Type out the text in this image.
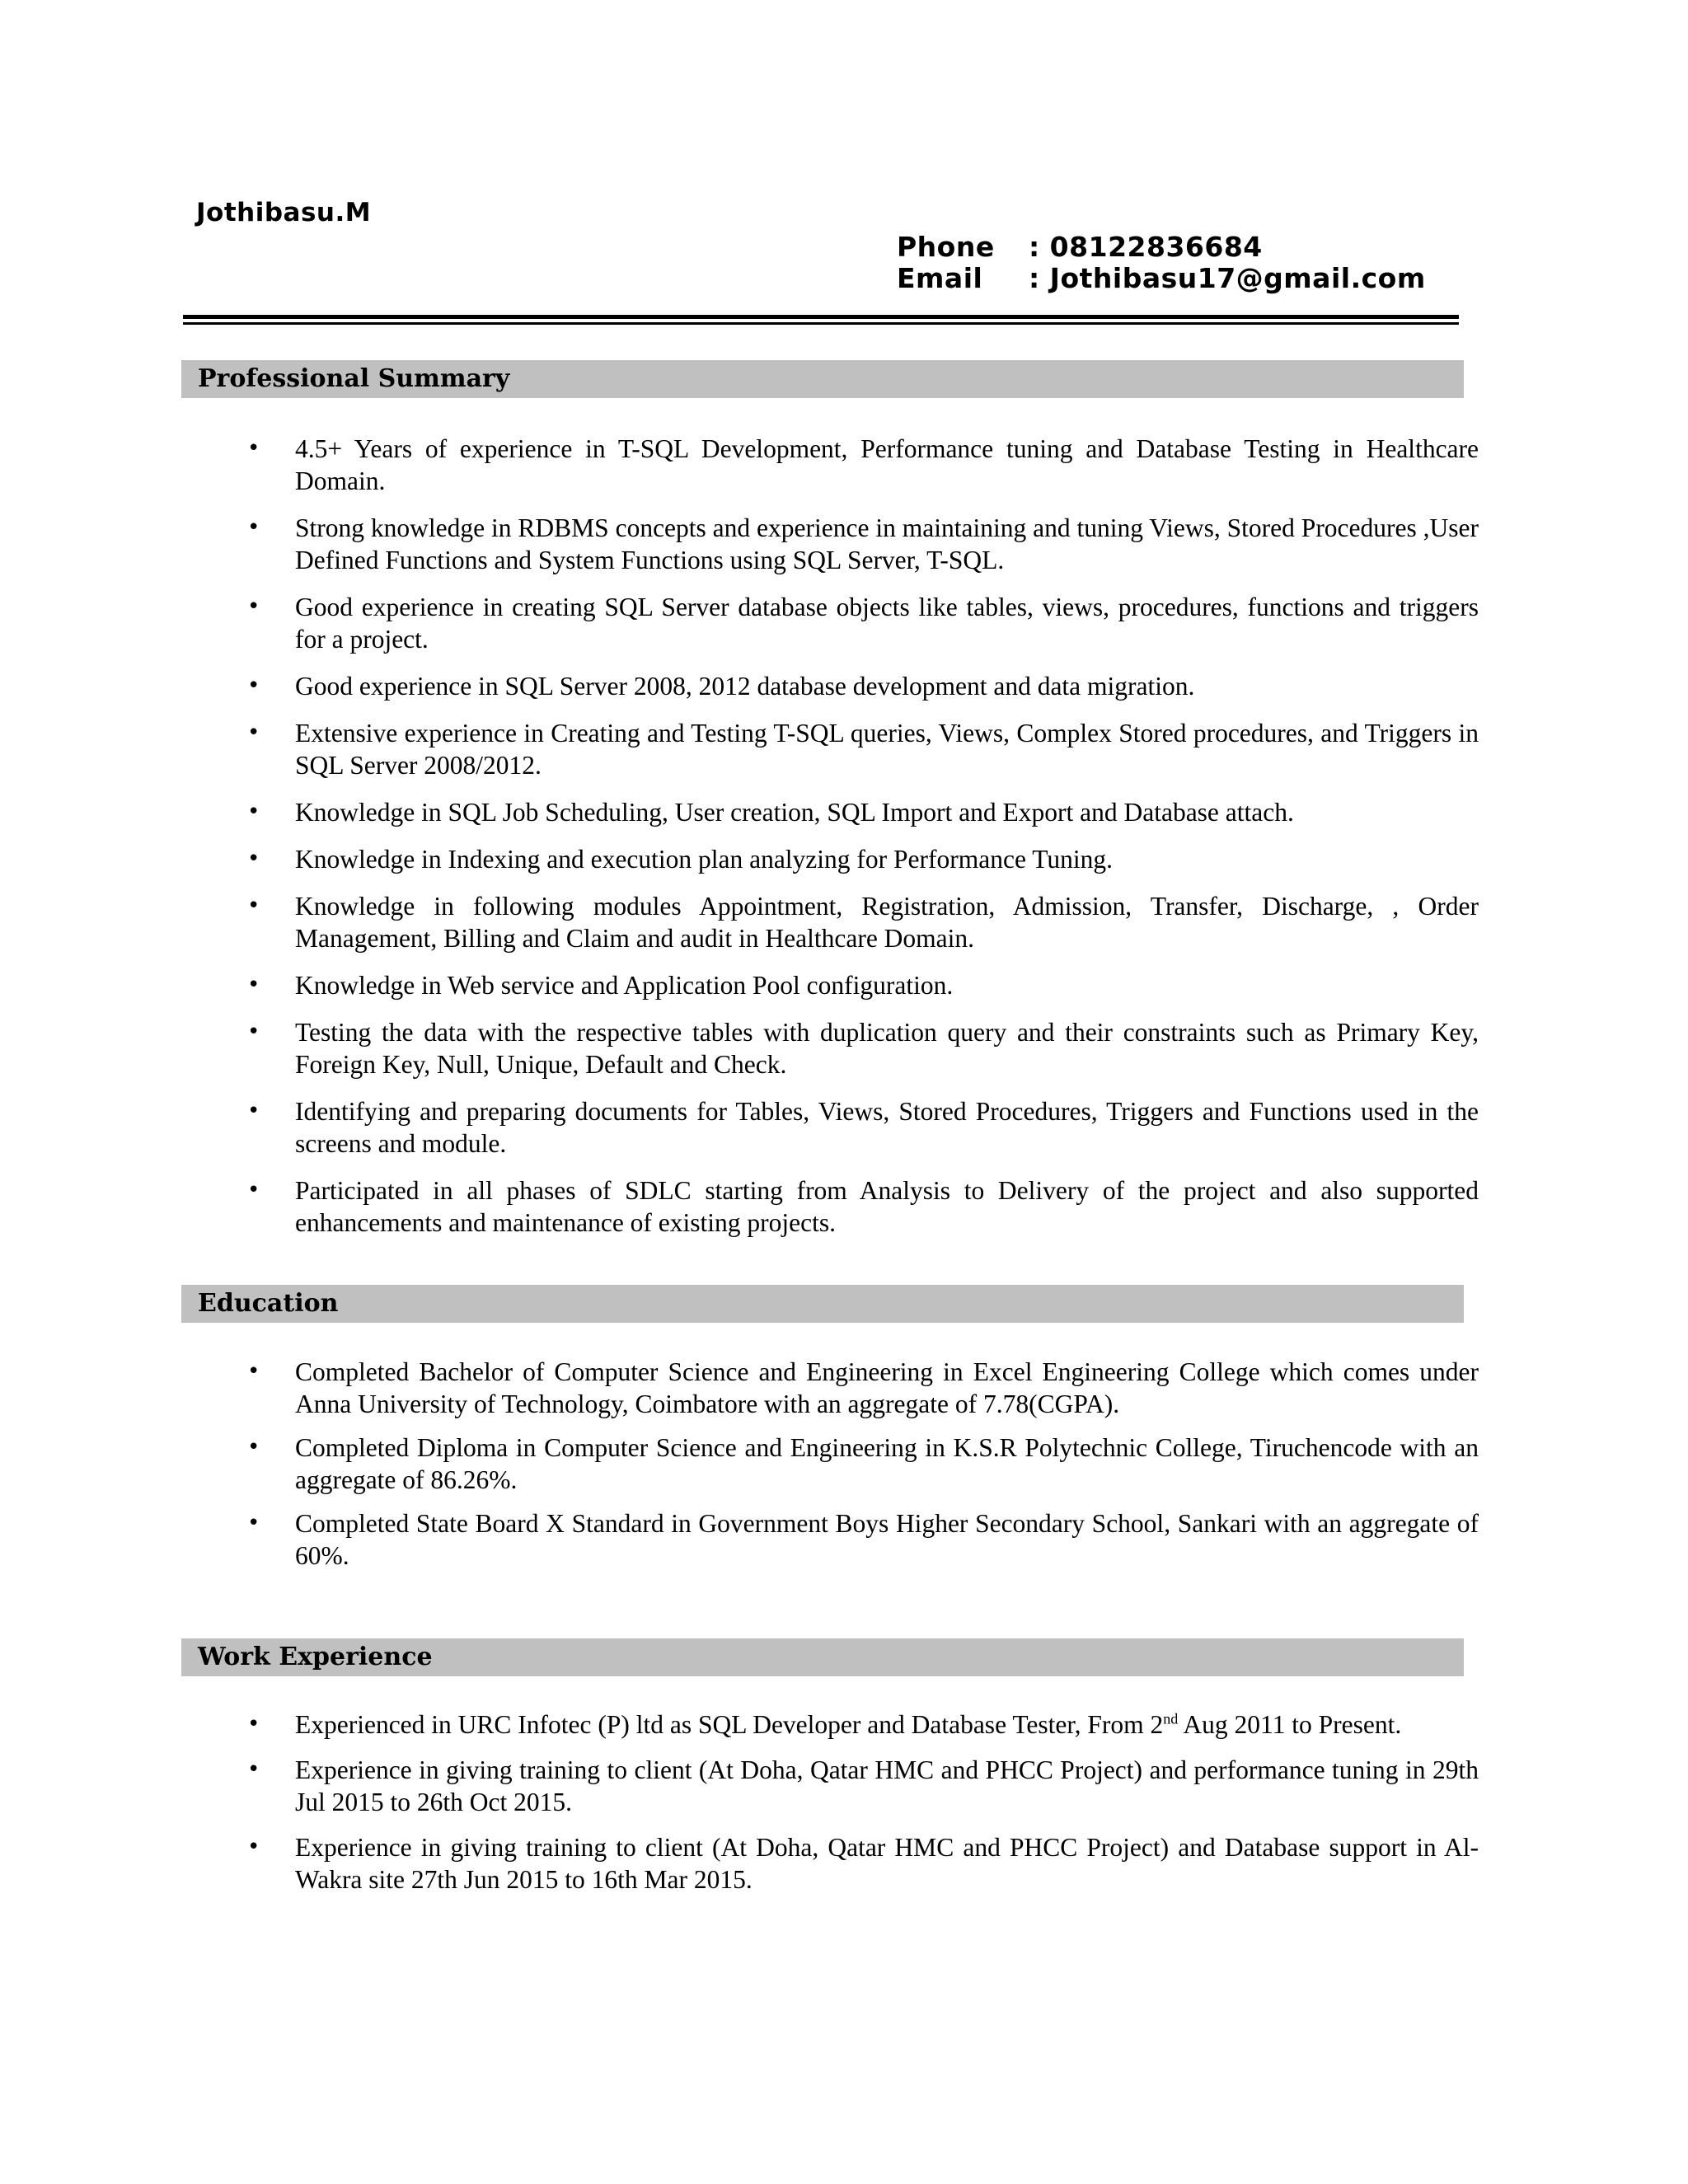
Jothibasu.M
Phone : 08122836684
Email : Jothibasu17@gmail.com
Professional Summary
• 4.5+ Years of experience in T-SQL Development, Performance tuning and Database Testing in Healthcare Domain.
• Strong knowledge in RDBMS concepts and experience in maintaining and tuning Views, Stored Procedures ,User Defined Functions and System Functions using SQL Server, T-SQL.
• Good experience in creating SQL Server database objects like tables, views, procedures, functions and triggers for a project.
• Good experience in SQL Server 2008, 2012 database development and data migration.
• Extensive experience in Creating and Testing T-SQL queries, Views, Complex Stored procedures, and Triggers in SQL Server 2008/2012.
• Knowledge in SQL Job Scheduling, User creation, SQL Import and Export and Database attach.
• Knowledge in Indexing and execution plan analyzing for Performance Tuning.
• Knowledge in following modules Appointment, Registration, Admission, Transfer, Discharge, , Order Management, Billing and Claim and audit in Healthcare Domain.
• Knowledge in Web service and Application Pool configuration.
• Testing the data with the respective tables with duplication query and their constraints such as Primary Key, Foreign Key, Null, Unique, Default and Check.
• Identifying and preparing documents for Tables, Views, Stored Procedures, Triggers and Functions used in the screens and module.
• Participated in all phases of SDLC starting from Analysis to Delivery of the project and also supported enhancements and maintenance of existing projects.
Education
• Completed Bachelor of Computer Science and Engineering in Excel Engineering College which comes under Anna University of Technology, Coimbatore with an aggregate of 7.78(CGPA).
• Completed Diploma in Computer Science and Engineering in K.S.R Polytechnic College, Tiruchencode with an aggregate of 86.26%.
• Completed State Board X Standard in Government Boys Higher Secondary School, Sankari with an aggregate of 60%.
Work Experience
• Experienced in URC Infotec (P) ltd as SQL Developer and Database Tester, From 2nd Aug 2011 to Present.
• Experience in giving training to client (At Doha, Qatar HMC and PHCC Project) and performance tuning in 29th Jul 2015 to 26th Oct 2015.
• Experience in giving training to client (At Doha, Qatar HMC and PHCC Project) and Database support in Al-Wakra site 27th Jun 2015 to 16th Mar 2015.
